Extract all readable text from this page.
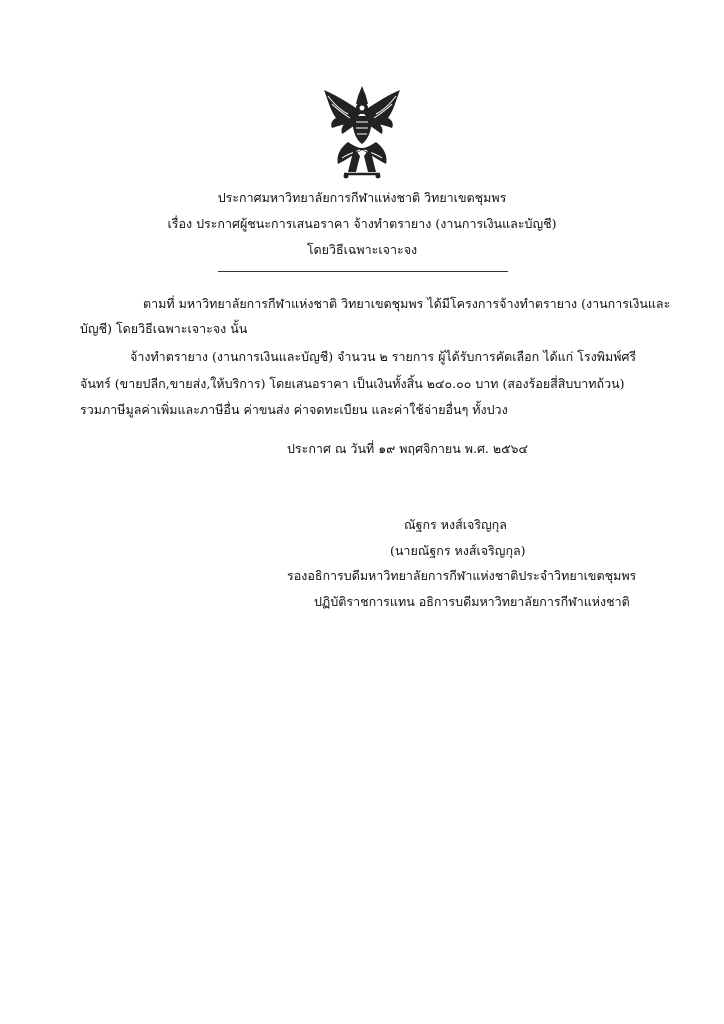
ประกาศมหาวิทยาลัยการกีฬาแห่งชาติ วิทยาเขตชุมพร
เรื่อง ประกาศผู้ชนะการเสนอราคา จ้างทำตรายาง (งานการเงินและบัญชี)
โดยวิธีเฉพาะเจาะจง
ตามที่ มหาวิทยาลัยการกีฬาแห่งชาติ วิทยาเขตชุมพร ได้มีโครงการจ้างทำตรายาง (งานการเงินและ
บัญชี) โดยวิธีเฉพาะเจาะจง นั้น
จ้างทำตรายาง (งานการเงินและบัญชี) จำนวน ๒ รายการ ผู้ได้รับการคัดเลือก ได้แก่ โรงพิมพ์ศรี
จันทร์ (ขายปลีก,ขายส่ง,ให้บริการ) โดยเสนอราคา เป็นเงินทั้งสิ้น ๒๔๐.๐๐ บาท (สองร้อยสี่สิบบาทถ้วน)
รวมภาษีมูลค่าเพิ่มและภาษีอื่น ค่าขนส่ง ค่าจดทะเบียน และค่าใช้จ่ายอื่นๆ ทั้งปวง
ประกาศ ณ วันที่ ๑๙ พฤศจิกายน พ.ศ. ๒๕๖๔
ณัฐกร หงส์เจริญกุล
(นายณัฐกร หงส์เจริญกุล)
รองอธิการบดีมหาวิทยาลัยการกีฬาแห่งชาติประจำวิทยาเขตชุมพร
ปฏิบัติราชการแทน อธิการบดีมหาวิทยาลัยการกีฬาแห่งชาติ
